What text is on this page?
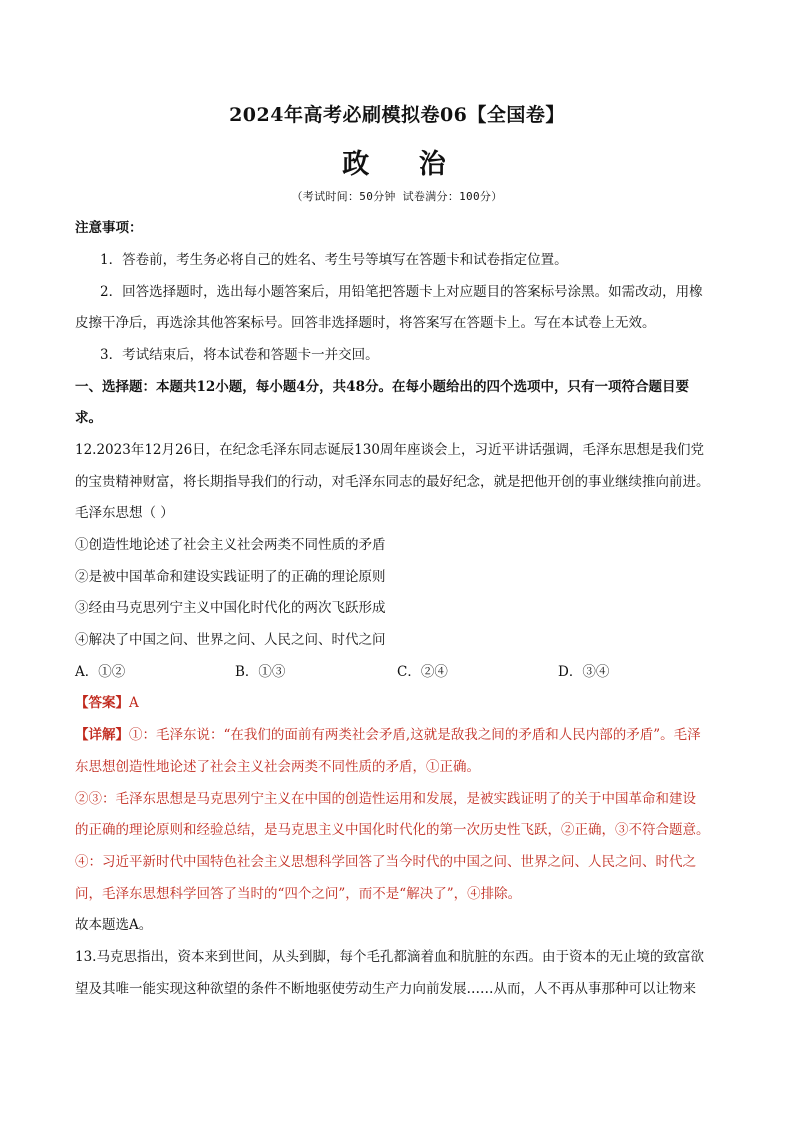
2024年高考必刷模拟卷06【全国卷】
政 治
（考试时间：50分钟 试卷满分：100分）
注意事项：
1．答卷前，考生务必将自己的姓名、考生号等填写在答题卡和试卷指定位置。
2．回答选择题时，选出每小题答案后，用铅笔把答题卡上对应题目的答案标号涂黑。如需改动，用橡
皮擦干净后，再选涂其他答案标号。回答非选择题时，将答案写在答题卡上。写在本试卷上无效。
3．考试结束后，将本试卷和答题卡一并交回。
一、选择题：本题共12小题，每小题4分，共48分。在每小题给出的四个选项中，只有一项符合题目要
求。
12.2023年12月26日，在纪念毛泽东同志诞辰130周年座谈会上，习近平讲话强调，毛泽东思想是我们党
的宝贵精神财富，将长期指导我们的行动，对毛泽东同志的最好纪念，就是把他开创的事业继续推向前进。
毛泽东思想（ ）
①创造性地论述了社会主义社会两类不同性质的矛盾
②是被中国革命和建设实践证明了的正确的理论原则
③经由马克思列宁主义中国化时代化的两次飞跃形成
④解决了中国之问、世界之问、人民之问、时代之问
A．①②	B．①③	C．②④	D．③④
【答案】A
【详解】①：毛泽东说：“在我们的面前有两类社会矛盾,这就是敌我之间的矛盾和人民内部的矛盾”。毛泽
东思想创造性地论述了社会主义社会两类不同性质的矛盾，①正确。
②③：毛泽东思想是马克思列宁主义在中国的创造性运用和发展，是被实践证明了的关于中国革命和建设
的正确的理论原则和经验总结，是马克思主义中国化时代化的第一次历史性飞跃，②正确，③不符合题意。
④：习近平新时代中国特色社会主义思想科学回答了当今时代的中国之问、世界之问、人民之问、时代之
问，毛泽东思想科学回答了当时的“四个之问”，而不是“解决了”，④排除。
故本题选A。
13.马克思指出，资本来到世间，从头到脚，每个毛孔都滴着血和肮脏的东西。由于资本的无止境的致富欲
望及其唯一能实现这种欲望的条件不断地驱使劳动生产力向前发展……从而，人不再从事那种可以让物来
